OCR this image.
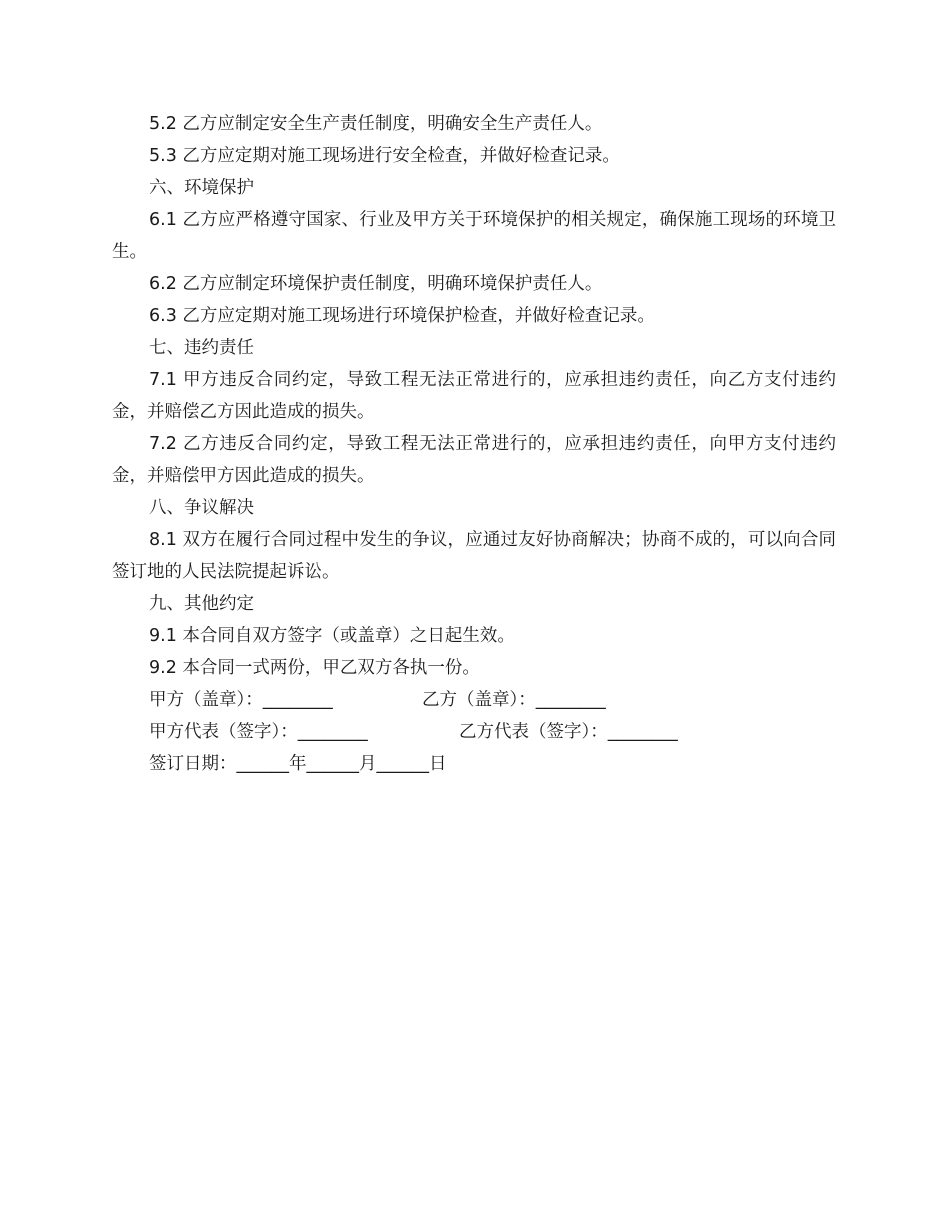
5.2 乙方应制定安全生产责任制度，明确安全生产责任人。

5.3 乙方应定期对施工现场进行安全检查，并做好检查记录。

六、环境保护

6.1 乙方应严格遵守国家、行业及甲方关于环境保护的相关规定，确保施工现场的环境卫生。

6.2 乙方应制定环境保护责任制度，明确环境保护责任人。

6.3 乙方应定期对施工现场进行环境保护检查，并做好检查记录。

七、违约责任

7.1 甲方违反合同约定，导致工程无法正常进行的，应承担违约责任，向乙方支付违约金，并赔偿乙方因此造成的损失。

7.2 乙方违反合同约定，导致工程无法正常进行的，应承担违约责任，向甲方支付违约金，并赔偿甲方因此造成的损失。

八、争议解决

8.1 双方在履行合同过程中发生的争议，应通过友好协商解决；协商不成的，可以向合同签订地的人民法院提起诉讼。

九、其他约定

9.1 本合同自双方签字（或盖章）之日起生效。

9.2 本合同一式两份，甲乙双方各执一份。

甲方（盖章）：________	乙方（盖章）：________
甲方代表（签字）：________	乙方代表（签字）：________
签订日期：______年______月______日
